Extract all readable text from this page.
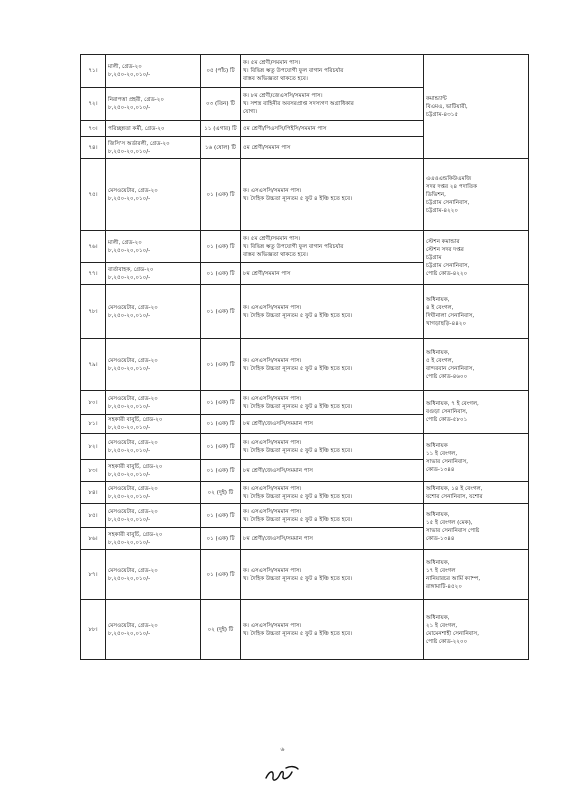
৭১।	মালী, গ্রেড-২০
৮,২৫০-২০,০১০/-	০৫ (পাঁচ) টি	ক। ৫ম শ্রেণী/সমমান পাস।
খ। বিভিন্ন ঋতু উপযোগী ফুল বাগান পরিচর্যার
বাস্তব অভিজ্ঞতা থাকতে হবে।	কমান্ড্যান্ট
বিএমএ, ভাটিয়ারী,
চট্টগ্রাম-৪৩১৫

৭২।	নিরাপত্তা প্রহরী, গ্রেড-২০
৮,২৫০-২০,০১০/-	০৩ (তিন) টি	ক। ৮ম শ্রেণী/জেএসসি/সমমান পাস।
খ। সশস্ত্র বাহিনীর অবসরপ্রাপ্ত সদস্যগণ অগ্রাধিকার
যোগ্য।	

৭৩।	পরিচ্ছন্নতা কর্মী, গ্রেড-২০	১১ (এগার) টি	৫ম শ্রেণী/পিএসসি/পিইসি/সমমান পাস	

৭৪।	জিসি'স অর্ডারলী, গ্রেড-২০
৮,২৫০-২০,০১০/-	১৬ (ষোল) টি	৫ম শ্রেণী/সমমান পাস	

৭৫।	মেসওয়েটার, গ্রেড-২০
৮,২৫০-২০,০১০/-	০১ (এক) টি	ক। এসএসসি/সমমান পাস।
খ। দৈহিক উচ্চতা ন্যূনতম ৫ ফুট ৪ ইঞ্চি হতে হবে।	এএওএন্ডকিউএমজি
সদর দপ্তর ২৪ পদাতিক
ডিভিশন,
চট্টগ্রাম সেনানিবাস,
চট্টগ্রাম-৪২২০

৭৬।	মালী, গ্রেড-২০
৮,২৫০-২০,০১০/-	০১ (এক) টি	ক। ৫ম শ্রেণী/সমমান পাস।
খ। বিভিন্ন ঋতু উপযোগী ফুল বাগান পরিচর্যার
বাস্তব অভিজ্ঞতা থাকতে হবে।	স্টেশন কমান্ডার
স্টেশন সদর দপ্তর
চট্টগ্রাম
চট্টগ্রাম সেনানিবাস,
পোষ্ট কোড-৪২২০

৭৭।	বার্তাবাহক, গ্রেড-২০
৮,২৫০-২০,০১০/-	০১ (এক) টি	৮ম শ্রেণী/সমমান পাস	

৭৮।	মেসওয়েটার, গ্রেড-২০
৮,২৫০-২০,০১০/-	০১ (এক) টি	ক। এসএসসি/সমমান পাস।
খ। দৈহিক উচ্চতা ন্যূনতম ৫ ফুট ৪ ইঞ্চি হতে হবে।	অধিনায়ক,
৪ ই বেংগল,
দিঘীনালা সেনানিবাস,
খাগড়াছড়ি-৪৪২০

৭৯।	মেসওয়েটার, গ্রেড-২০
৮,২৫০-২০,০১০/-	০১ (এক) টি	ক। এসএসসি/সমমান পাস।
খ। দৈহিক উচ্চতা ন্যূনতম ৫ ফুট ৪ ইঞ্চি হতে হবে।	অধিনায়ক,
৫ ই বেংগল,
বান্দরবান সেনানিবাস,
পোষ্ট কোড-৪৬০০

৮০।	মেসওয়েটার, গ্রেড-২০
৮,২৫০-২০,০১০/-	০১ (এক) টি	ক। এসএসসি/সমমান পাস।
খ। দৈহিক উচ্চতা ন্যূনতম ৫ ফুট ৪ ইঞ্চি হতে হবে।	অধিনায়ক, ৭ ই বেংগল,
বগুড়া সেনানিবাস,
পোষ্ট কোড-৫৮০১

৮১।	সহকারী বাবুর্চি, গ্রেড-২০
৮,২৫০-২০,০১০/-	০১ (এক) টি	৮ম শ্রেণী/জেএসসি/সমমান পাস	

৮২।	মেসওয়েটার, গ্রেড-২০
৮,২৫০-২০,০১০/-	০১ (এক) টি	ক। এসএসসি/সমমান পাস।
খ। দৈহিক উচ্চতা ন্যূনতম ৫ ফুট ৪ ইঞ্চি হতে হবে।	অধিনায়ক
১১ ই বেংগল,
সাভার সেনানিবাস,
কোড-১৩৪৪

৮৩।	সহকারী বাবুর্চি, গ্রেড-২০
৮,২৫০-২০,০১০/-	০১ (এক) টি	৮ম শ্রেণী/জেএসসি/সমমান পাস	

৮৪।	মেসওয়েটার, গ্রেড-২০
৮,২৫০-২০,০১০/-	০২ (দুই) টি	ক। এসএসসি/সমমান পাস।
খ। দৈহিক উচ্চতা ন্যূনতম ৫ ফুট ৪ ইঞ্চি হতে হবে।	অধিনায়ক, ১৪ ই বেংগল,
যশোর সেনানিবাস, যশোর

৮৫।	মেসওয়েটার, গ্রেড-২০
৮,২৫০-২০,০১০/-	০১ (এক) টি	ক। এসএসসি/সমমান পাস।
খ। দৈহিক উচ্চতা ন্যূনতম ৫ ফুট ৪ ইঞ্চি হতে হবে।	অধিনায়ক,
১৫ ই বেংগল (মেক),
সাভার সেনানিবাস পোষ্ট
কোড-১৩৪৪

৮৬।	সহকারী বাবুর্চি, গ্রেড-২০
৮,২৫০-২০,০১০/-	০১ (এক) টি	৮ম শ্রেণী/জেএসসি/সমমান পাস	

৮৭।	মেসওয়েটার, গ্রেড-২০
৮,২৫০-২০,০১০/-	০১ (এক) টি	ক। এসএসসি/সমমান পাস।
খ। দৈহিক উচ্চতা ন্যূনতম ৫ ফুট ৪ ইঞ্চি হতে হবে।	অধিনায়ক,
১৭ ই বেংগল
নানিয়ারচর আর্মি ক্যাম্প,
রাঙ্গামাটি-৪৫২০

৮৮।	মেসওয়েটার, গ্রেড-২০
৮,২৫০-২০,০১০/-	০২ (দুই) টি	ক। এসএসসি/সমমান পাস।
খ। দৈহিক উচ্চতা ন্যূনতম ৫ ফুট ৪ ইঞ্চি হতে হবে।	অধিনায়ক,
২১ ই বেংগল,
মোমেনশাহী সেনানিবাস,
পোষ্ট কোড-২২০০
৬
